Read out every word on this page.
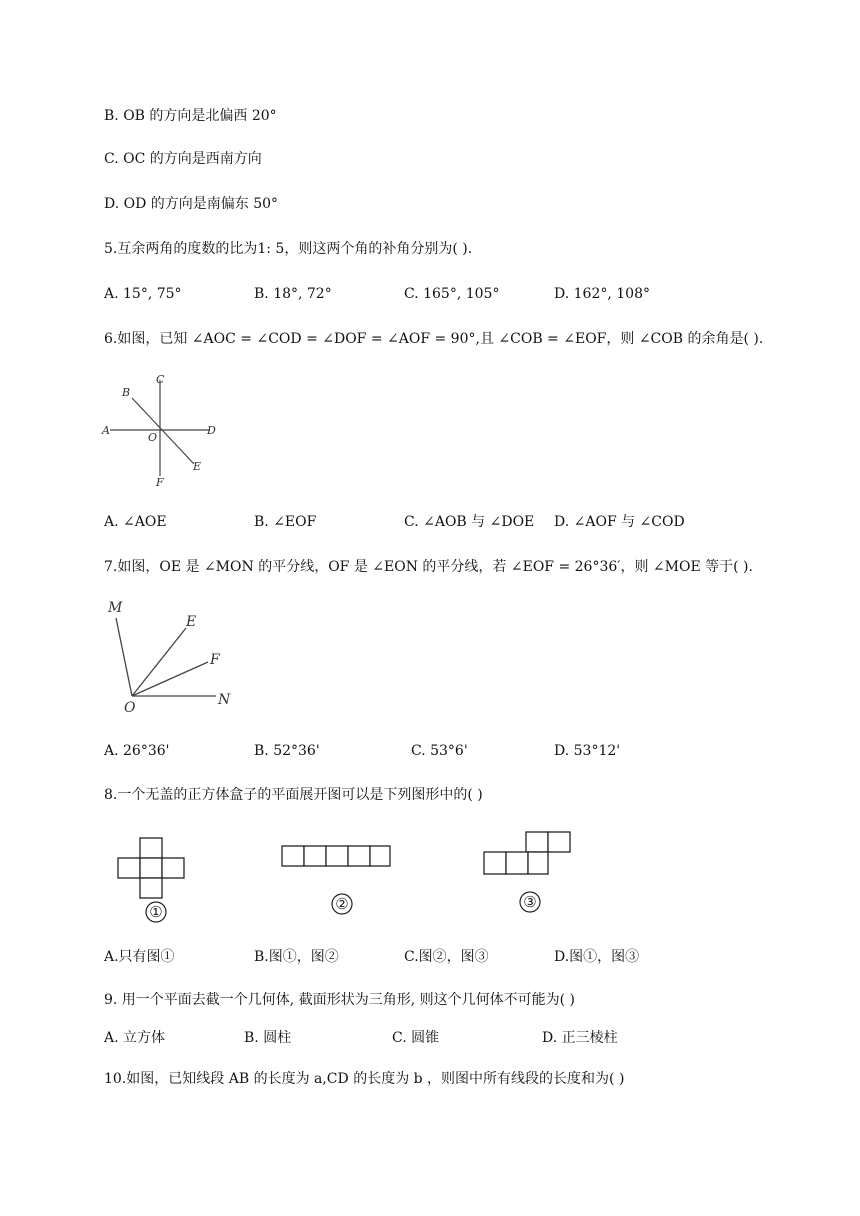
B. OB 的方向是北偏西 20°
C. OC 的方向是西南方向
D. OD 的方向是南偏东 50°
5.互余两角的度数的比为1: 5，则这两个角的补角分别为( ).
A. 15°, 75°	B. 18°, 72°	C. 165°, 105°	D. 162°, 108°
6.如图，已知 ∠AOC = ∠COD = ∠DOF = ∠AOF = 90°,且 ∠COB = ∠EOF，则 ∠COB 的余角是( ).
A
B
C
D
E
F
O
A. ∠AOE	B. ∠EOF	C. ∠AOB 与 ∠DOE D. ∠AOF 与 ∠COD
7.如图，OE 是 ∠MON 的平分线，OF 是 ∠EON 的平分线，若 ∠EOF = 26°36′，则 ∠MOE 等于( ).
M
E
F
N
O
A. 26°36'	B. 52°36'	C. 53°6'	D. 53°12'
8.一个无盖的正方体盒子的平面展开图可以是下列图形中的( )
①	②	③
A.只有图①	B.图①，图②	C.图②，图③	D.图①，图③
9. 用一个平面去截一个几何体, 截面形状为三角形, 则这个几何体不可能为( )
A. 立方体	B. 圆柱	C. 圆锥	D. 正三棱柱
10.如图，已知线段 AB 的长度为 a,CD 的长度为 b ，则图中所有线段的长度和为( )
